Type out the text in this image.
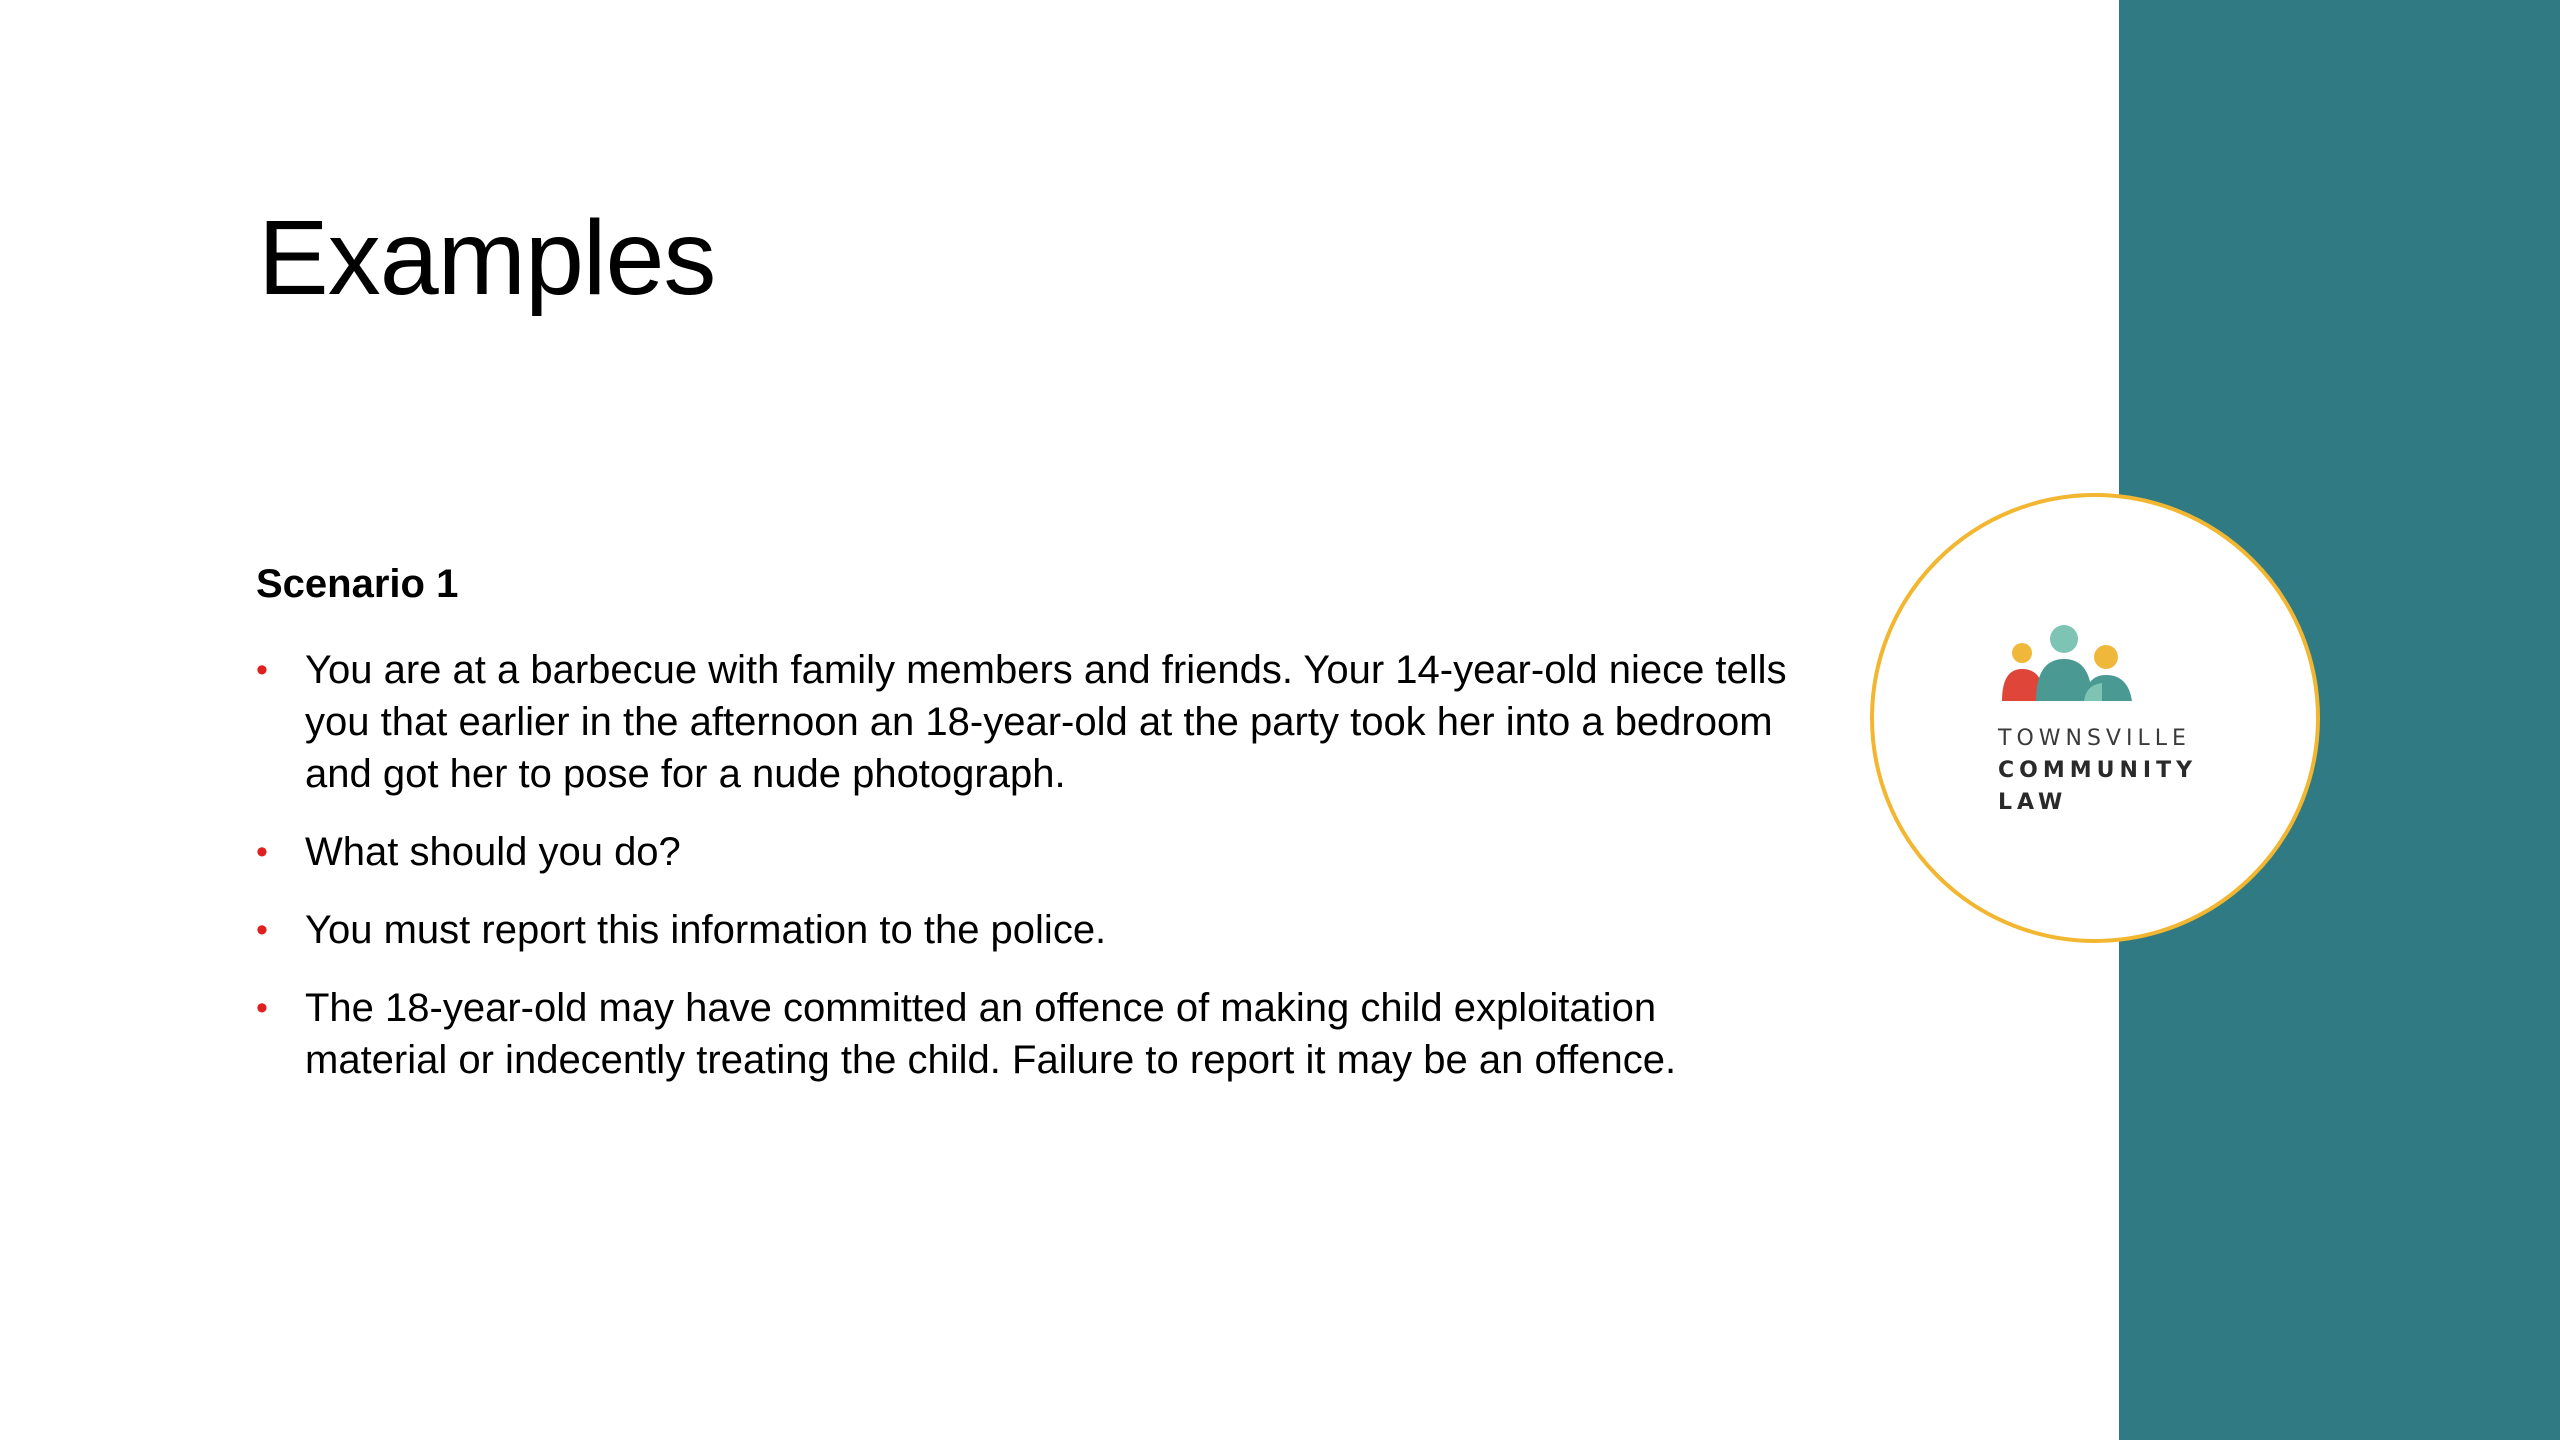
Examples
Scenario 1
• You are at a barbecue with family members and friends. Your 14-year-old niece tells you that earlier in the afternoon an 18-year-old at the party took her into a bedroom and got her to pose for a nude photograph.
• What should you do?
• You must report this information to the police.
• The 18-year-old may have committed an offence of making child exploitation material or indecently treating the child. Failure to report it may be an offence.
TOWNSVILLE
COMMUNITY
LAW
